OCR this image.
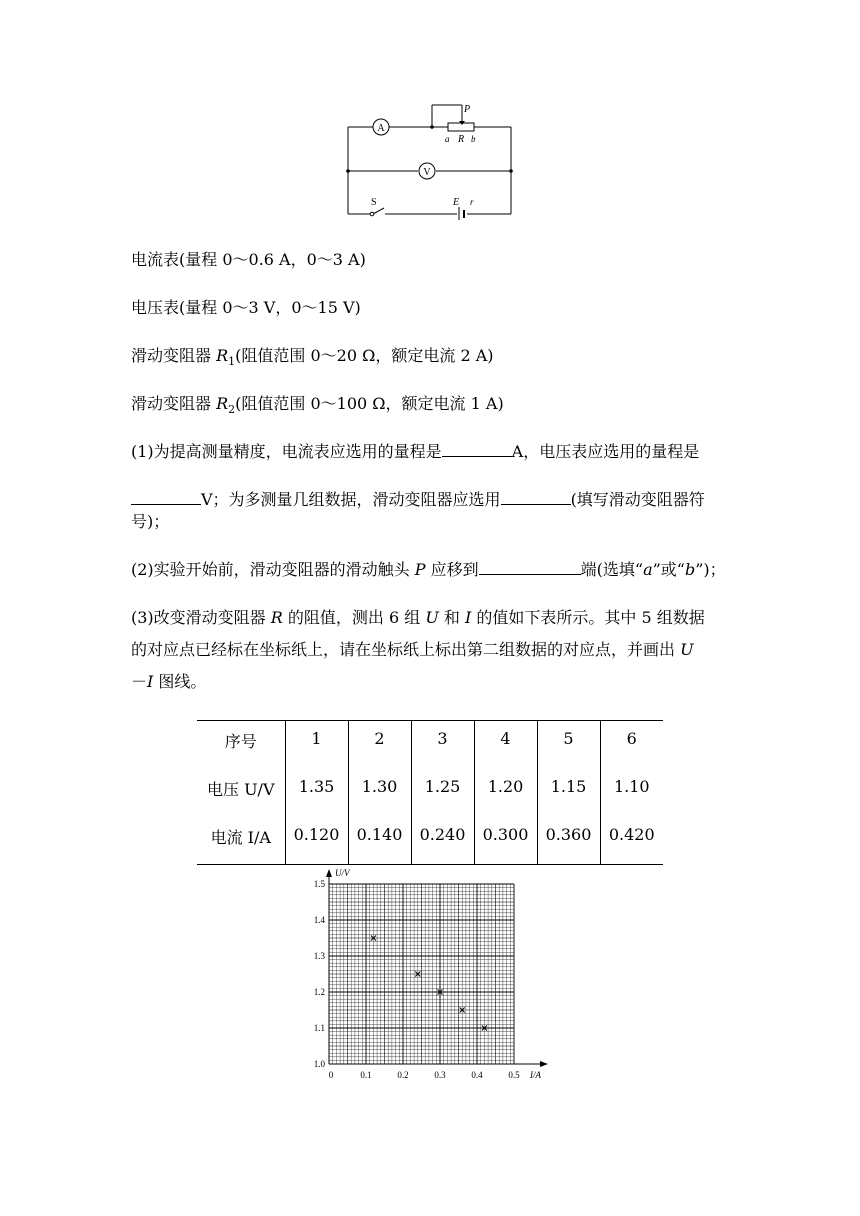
A
P
a R b
V
S	E r
电流表(量程 0～0.6 A，0～3 A)
电压表(量程 0～3 V，0～15 V)
滑动变阻器 $R_1$(阻值范围 0～20 Ω，额定电流 2 A)
滑动变阻器 $R_2$(阻值范围 0～100 Ω，额定电流 1 A)
(1)为提高测量精度，电流表应选用的量程是	A，电压表应选用的量程是
V；为多测量几组数据，滑动变阻器应选用	(填写滑动变阻器符
号)；
(2)实验开始前，滑动变阻器的滑动触头 P 应移到	端(选填“a”或“b”)；
(3)改变滑动变阻器 R 的阻值，测出 6 组 U 和 I 的值如下表所示。其中 5 组数据
的对应点已经标在坐标纸上，请在坐标纸上标出第二组数据的对应点，并画出 U
－I 图线。
序号	1	2	3	4	5	6
电压 U/V	1.35	1.30	1.25	1.20	1.15	1.10
电流 I/A	0.120	0.140	0.240	0.300	0.360	0.420
0	0.1	0.2	0.3	0.4	0.5
1.0
1.1
1.2
1.3
1.4
1.5
U/V
I/A
